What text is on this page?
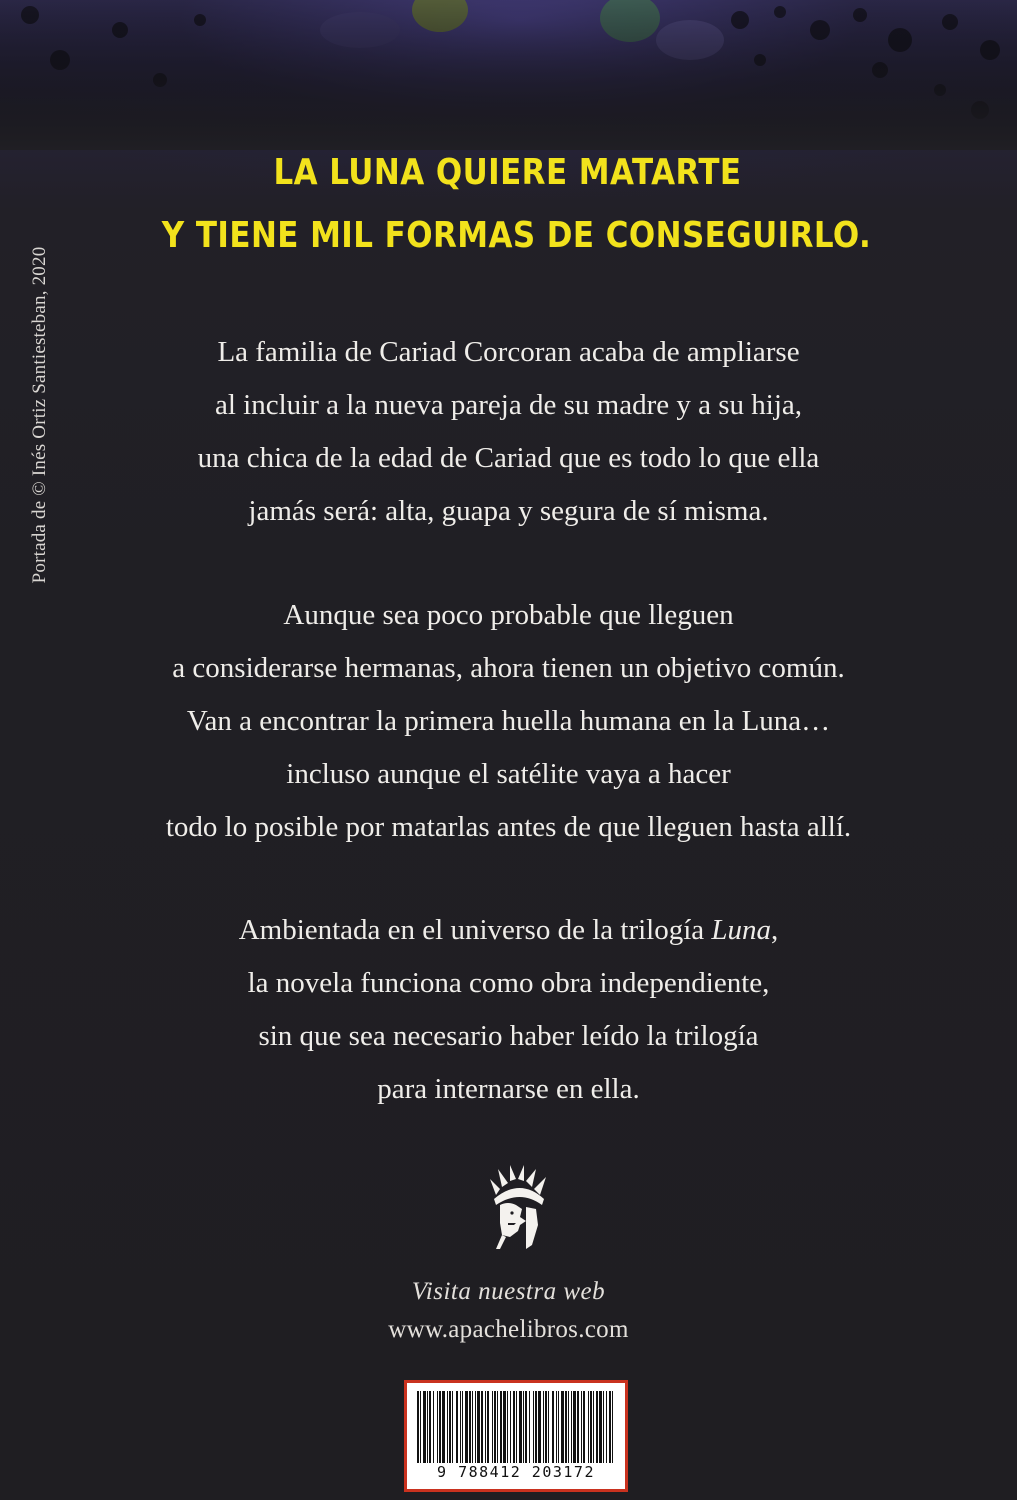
Portada de © Inés Ortiz Santiesteban, 2020
LA LUNA QUIERE MATARTE
Y TIENE MIL FORMAS DE CONSEGUIRLO.
La familia de Cariad Corcoran acaba de ampliarse
al incluir a la nueva pareja de su madre y a su hija,
una chica de la edad de Cariad que es todo lo que ella
jamás será: alta, guapa y segura de sí misma.
Aunque sea poco probable que lleguen
a considerarse hermanas, ahora tienen un objetivo común.
Van a encontrar la primera huella humana en la Luna…
incluso aunque el satélite vaya a hacer
todo lo posible por matarlas antes de que lleguen hasta allí.
Ambientada en el universo de la trilogía Luna,
la novela funciona como obra independiente,
sin que sea necesario haber leído la trilogía
para internarse en ella.
Visita nuestra web
www.apachelibros.com
9 788412 203172
